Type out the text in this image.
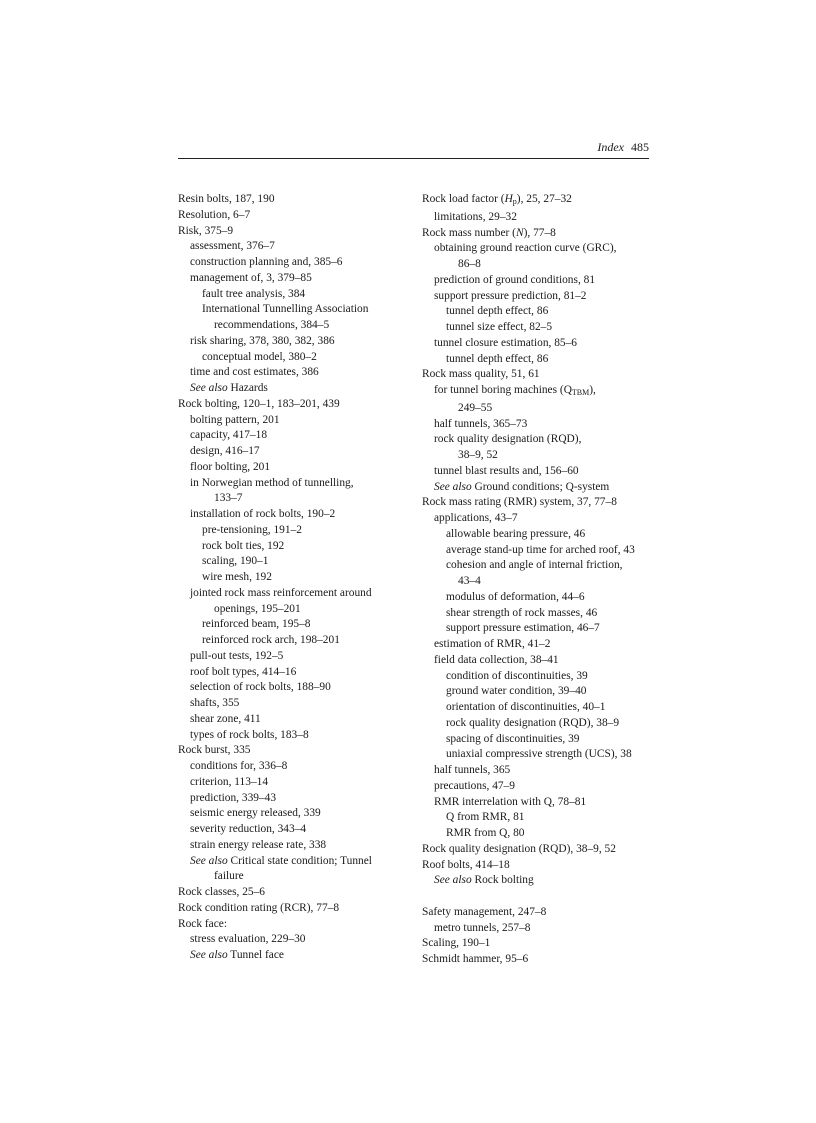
Index 485
Resin bolts, 187, 190
Resolution, 6–7
Risk, 375–9
assessment, 376–7
construction planning and, 385–6
management of, 3, 379–85
fault tree analysis, 384
International Tunnelling Association
recommendations, 384–5
risk sharing, 378, 380, 382, 386
conceptual model, 380–2
time and cost estimates, 386
See also Hazards
Rock bolting, 120–1, 183–201, 439
bolting pattern, 201
capacity, 417–18
design, 416–17
floor bolting, 201
in Norwegian method of tunnelling,
133–7
installation of rock bolts, 190–2
pre-tensioning, 191–2
rock bolt ties, 192
scaling, 190–1
wire mesh, 192
jointed rock mass reinforcement around
openings, 195–201
reinforced beam, 195–8
reinforced rock arch, 198–201
pull-out tests, 192–5
roof bolt types, 414–16
selection of rock bolts, 188–90
shafts, 355
shear zone, 411
types of rock bolts, 183–8
Rock burst, 335
conditions for, 336–8
criterion, 113–14
prediction, 339–43
seismic energy released, 339
severity reduction, 343–4
strain energy release rate, 338
See also Critical state condition; Tunnel
failure
Rock classes, 25–6
Rock condition rating (RCR), 77–8
Rock face:
stress evaluation, 229–30
See also Tunnel face
Rock load factor $(H_p)$, 25, 27–32
limitations, 29–32
Rock mass number (N), 77–8
obtaining ground reaction curve (GRC),
86–8
prediction of ground conditions, 81
support pressure prediction, 81–2
tunnel depth effect, 86
tunnel size effect, 82–5
tunnel closure estimation, 85–6
tunnel depth effect, 86
Rock mass quality, 51, 61
for tunnel boring machines $(Q_{TBM})$,
249–55
half tunnels, 365–73
rock quality designation (RQD),
38–9, 52
tunnel blast results and, 156–60
See also Ground conditions; Q-system
Rock mass rating (RMR) system, 37, 77–8
applications, 43–7
allowable bearing pressure, 46
average stand-up time for arched roof, 43
cohesion and angle of internal friction,
43–4
modulus of deformation, 44–6
shear strength of rock masses, 46
support pressure estimation, 46–7
estimation of RMR, 41–2
field data collection, 38–41
condition of discontinuities, 39
ground water condition, 39–40
orientation of discontinuities, 40–1
rock quality designation (RQD), 38–9
spacing of discontinuities, 39
uniaxial compressive strength (UCS), 38
half tunnels, 365
precautions, 47–9
RMR interrelation with Q, 78–81
Q from RMR, 81
RMR from Q, 80
Rock quality designation (RQD), 38–9, 52
Roof bolts, 414–18
See also Rock bolting
Safety management, 247–8
metro tunnels, 257–8
Scaling, 190–1
Schmidt hammer, 95–6
